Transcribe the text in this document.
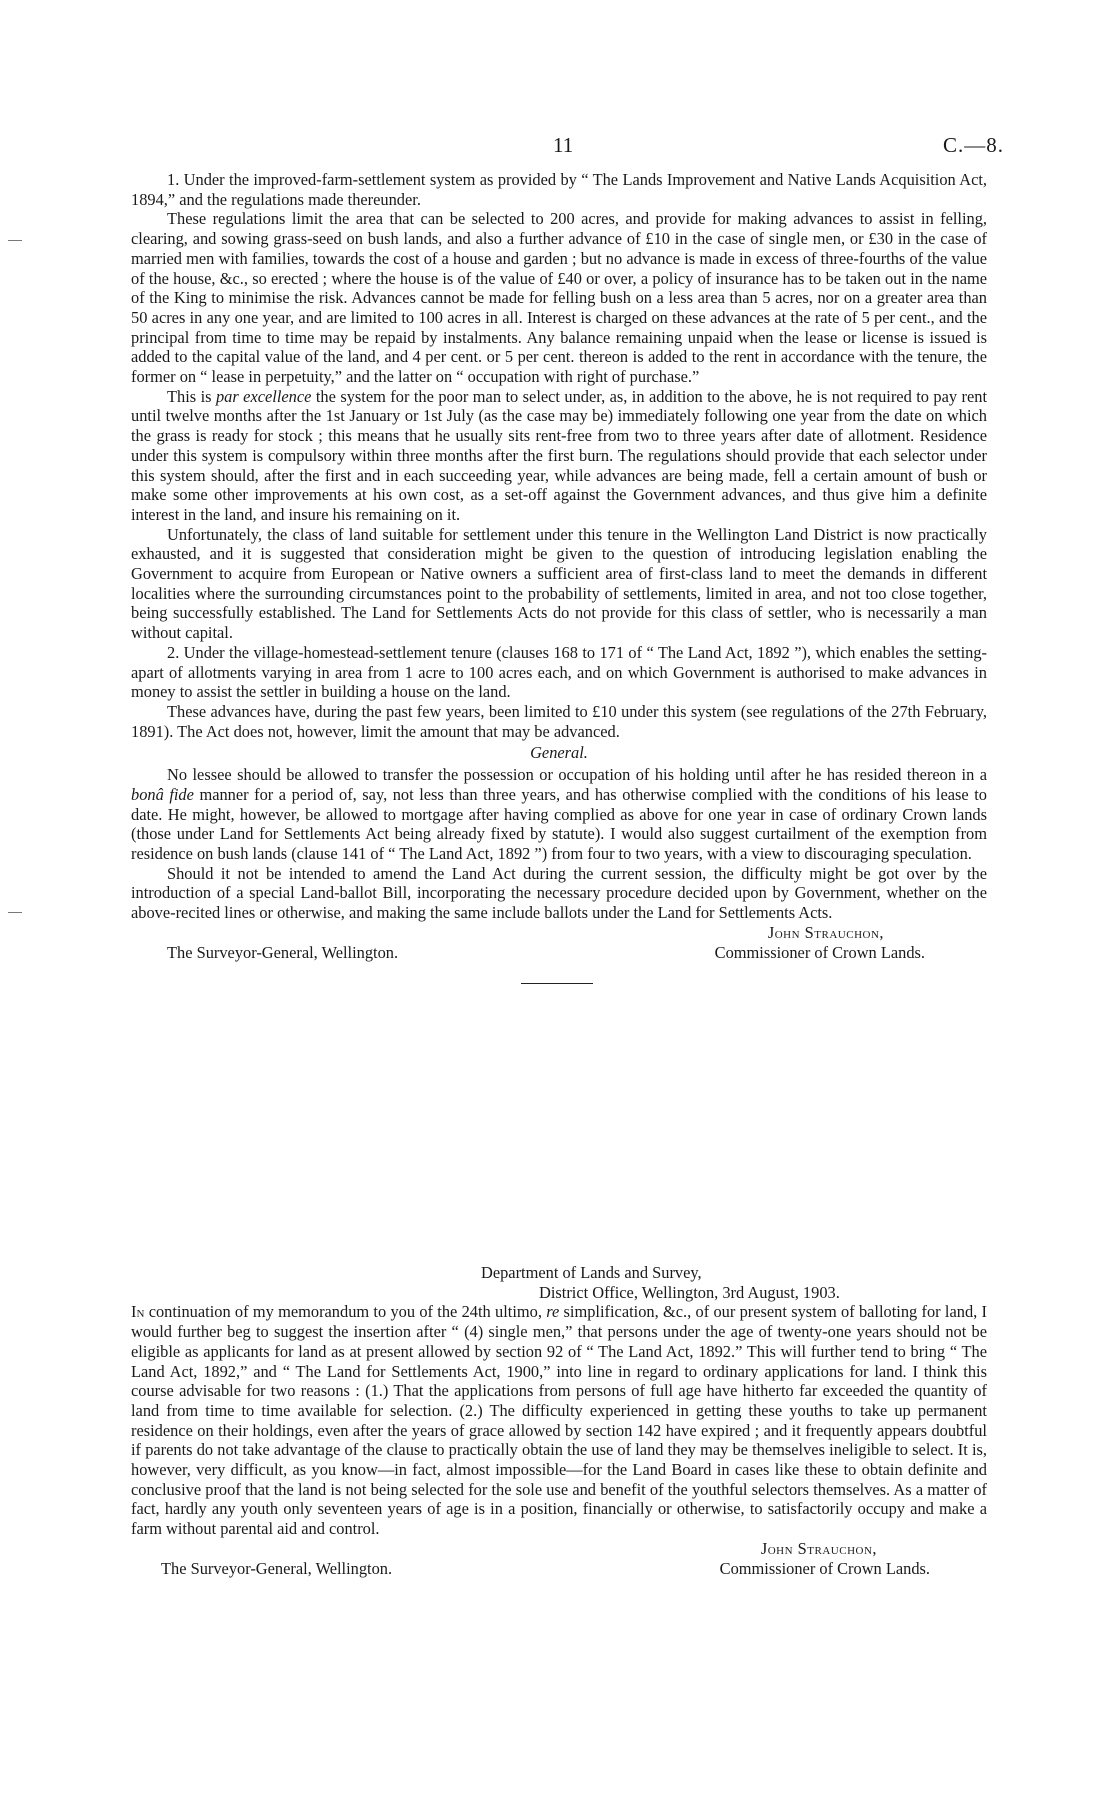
11	C.—8.

1. Under the improved-farm-settlement system as provided by “ The Lands Improvement and Native Lands Acquisition Act, 1894,” and the regulations made thereunder.

These regulations limit the area that can be selected to 200 acres, and provide for making advances to assist in felling, clearing, and sowing grass-seed on bush lands, and also a further advance of £10 in the case of single men, or £30 in the case of married men with families, towards the cost of a house and garden ; but no advance is made in excess of three-fourths of the value of the house, &c., so erected ; where the house is of the value of £40 or over, a policy of insurance has to be taken out in the name of the King to minimise the risk. Advances cannot be made for felling bush on a less area than 5 acres, nor on a greater area than 50 acres in any one year, and are limited to 100 acres in all. Interest is charged on these advances at the rate of 5 per cent., and the principal from time to time may be repaid by instalments. Any balance remaining unpaid when the lease or license is issued is added to the capital value of the land, and 4 per cent. or 5 per cent. thereon is added to the rent in accordance with the tenure, the former on “ lease in perpetuity,” and the latter on “ occupation with right of purchase.”

This is par excellence the system for the poor man to select under, as, in addition to the above, he is not required to pay rent until twelve months after the 1st January or 1st July (as the case may be) immediately following one year from the date on which the grass is ready for stock ; this means that he usually sits rent-free from two to three years after date of allotment. Residence under this system is compulsory within three months after the first burn. The regulations should provide that each selector under this system should, after the first and in each succeeding year, while advances are being made, fell a certain amount of bush or make some other improvements at his own cost, as a set-off against the Government advances, and thus give him a definite interest in the land, and insure his remaining on it.

Unfortunately, the class of land suitable for settlement under this tenure in the Wellington Land District is now practically exhausted, and it is suggested that consideration might be given to the question of introducing legislation enabling the Government to acquire from European or Native owners a sufficient area of first-class land to meet the demands in different localities where the surrounding circumstances point to the probability of settlements, limited in area, and not too close together, being successfully established. The Land for Settlements Acts do not provide for this class of settler, who is necessarily a man without capital.

2. Under the village-homestead-settlement tenure (clauses 168 to 171 of “ The Land Act, 1892 ”), which enables the setting-apart of allotments varying in area from 1 acre to 100 acres each, and on which Government is authorised to make advances in money to assist the settler in building a house on the land.

These advances have, during the past few years, been limited to £10 under this system (see regulations of the 27th February, 1891). The Act does not, however, limit the amount that may be advanced.

General.

No lessee should be allowed to transfer the possession or occupation of his holding until after he has resided thereon in a bonâ fide manner for a period of, say, not less than three years, and has otherwise complied with the conditions of his lease to date. He might, however, be allowed to mortgage after having complied as above for one year in case of ordinary Crown lands (those under Land for Settlements Act being already fixed by statute). I would also suggest curtailment of the exemption from residence on bush lands (clause 141 of “ The Land Act, 1892 ”) from four to two years, with a view to discouraging speculation.

Should it not be intended to amend the Land Act during the current session, the difficulty might be got over by the introduction of a special Land-ballot Bill, incorporating the necessary procedure decided upon by Government, whether on the above-recited lines or otherwise, and making the same include ballots under the Land for Settlements Acts.

John Strauchon,
The Surveyor-General, Wellington.	Commissioner of Crown Lands.
Department of Lands and Survey,
District Office, Wellington, 3rd August, 1903.

In continuation of my memorandum to you of the 24th ultimo, re simplification, &c., of our present system of balloting for land, I would further beg to suggest the insertion after “ (4) single men,” that persons under the age of twenty-one years should not be eligible as applicants for land as at present allowed by section 92 of “ The Land Act, 1892.” This will further tend to bring “ The Land Act, 1892,” and “ The Land for Settlements Act, 1900,” into line in regard to ordinary applications for land. I think this course advisable for two reasons : (1.) That the applications from persons of full age have hitherto far exceeded the quantity of land from time to time available for selection. (2.) The difficulty experienced in getting these youths to take up permanent residence on their holdings, even after the years of grace allowed by section 142 have expired ; and it frequently appears doubtful if parents do not take advantage of the clause to practically obtain the use of land they may be themselves ineligible to select. It is, however, very difficult, as you know—in fact, almost impossible—for the Land Board in cases like these to obtain definite and conclusive proof that the land is not being selected for the sole use and benefit of the youthful selectors themselves. As a matter of fact, hardly any youth only seventeen years of age is in a position, financially or otherwise, to satisfactorily occupy and make a farm without parental aid and control.

John Strauchon,
The Surveyor-General, Wellington.	Commissioner of Crown Lands.
